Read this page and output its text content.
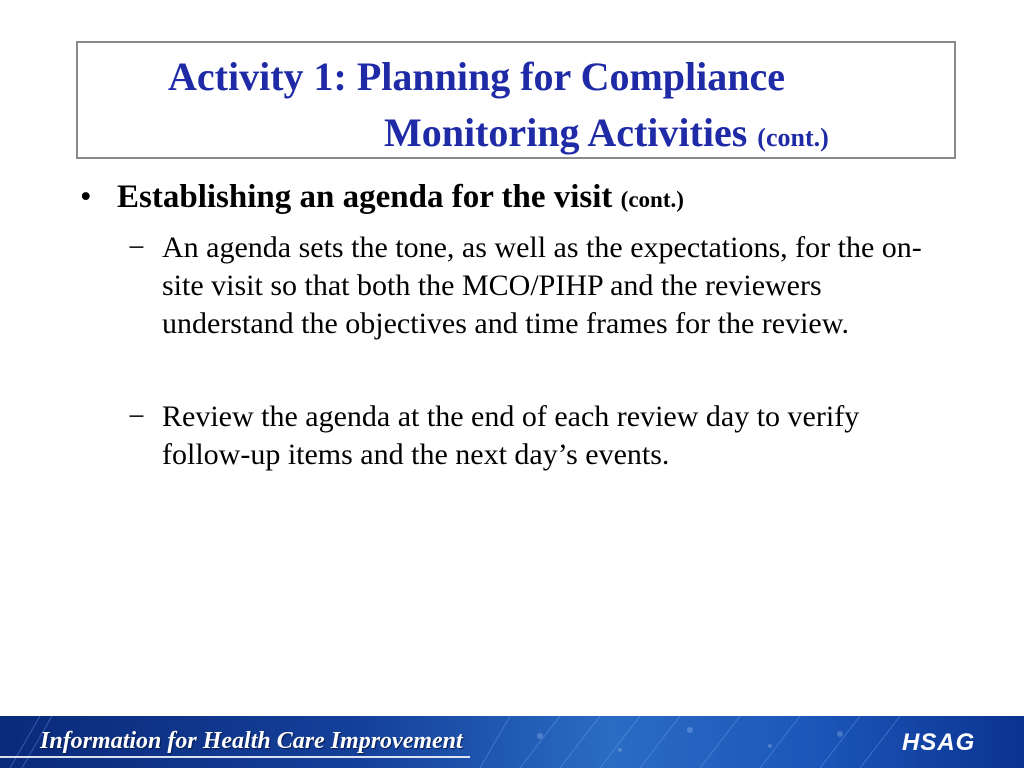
Activity 1: Planning for Compliance
Monitoring Activities (cont.)
• Establishing an agenda for the visit (cont.)
− An agenda sets the tone, as well as the expectations, for the on-site visit so that both the MCO/PIHP and the reviewers understand the objectives and time frames for the review.
− Review the agenda at the end of each review day to verify follow-up items and the next day’s events.
Information for Health Care Improvement	HSAG
